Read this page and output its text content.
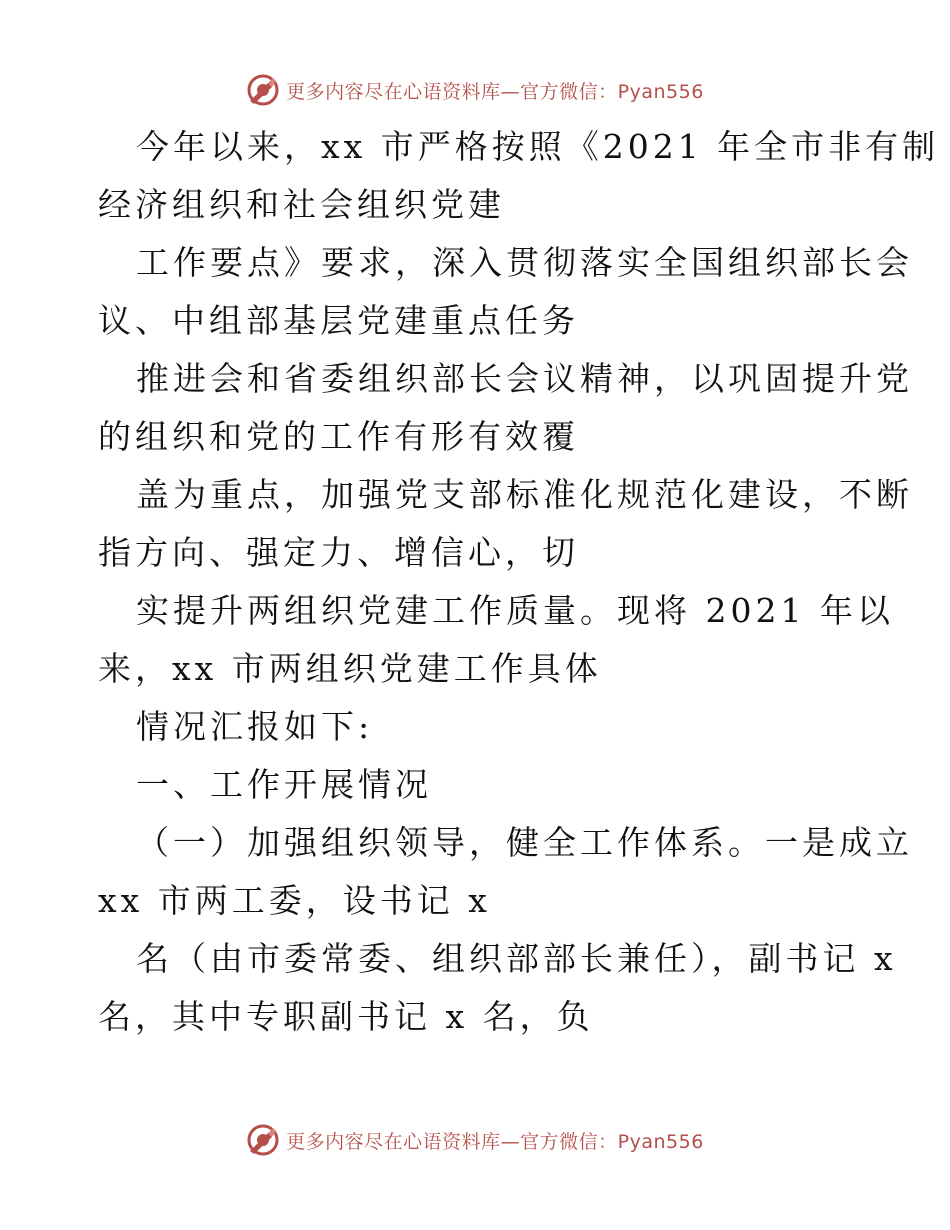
更多内容尽在心语资料库—官方微信：Pyan556
今年以来，xx 市严格按照《2021 年全市非有制
经济组织和社会组织党建
工作要点》要求，深入贯彻落实全国组织部长会
议、中组部基层党建重点任务
推进会和省委组织部长会议精神，以巩固提升党
的组织和党的工作有形有效覆
盖为重点，加强党支部标准化规范化建设，不断
指方向、强定力、增信心，切
实提升两组织党建工作质量。现将 2021 年以
来，xx 市两组织党建工作具体
情况汇报如下:
一、工作开展情况
（一）加强组织领导，健全工作体系。一是成立
xx 市两工委，设书记 x
名（由市委常委、组织部部长兼任），副书记 x
名，其中专职副书记 x 名，负
更多内容尽在心语资料库—官方微信：Pyan556
